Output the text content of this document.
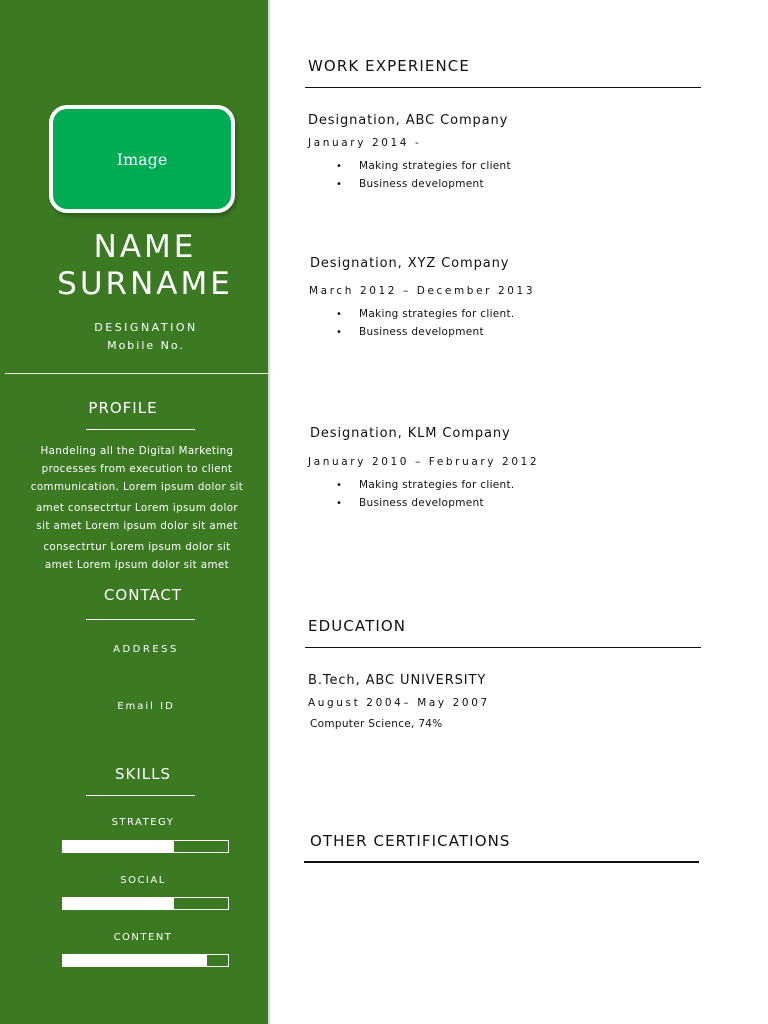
Image
NAME
SURNAME
DESIGNATION
Mobile No.
PROFILE
Handeling all the Digital Marketing
processes from execution to client
communication. Lorem ipsum dolor sit
amet consectrtur Lorem ipsum dolor
sit amet Lorem ipsum dolor sit amet
consectrtur Lorem ipsum dolor sit
amet Lorem ipsum dolor sit amet
CONTACT
ADDRESS
Email ID
SKILLS
STRATEGY
SOCIAL
CONTENT
WORK EXPERIENCE
Designation, ABC Company
January 2014 -
• Making strategies for client
• Business development
Designation, XYZ Company
March 2012 – December 2013
• Making strategies for client.
• Business development
Designation, KLM Company
January 2010 – February 2012
• Making strategies for client.
• Business development
EDUCATION
B.Tech, ABC UNIVERSITY
August 2004– May 2007
Computer Science, 74%
OTHER CERTIFICATIONS
